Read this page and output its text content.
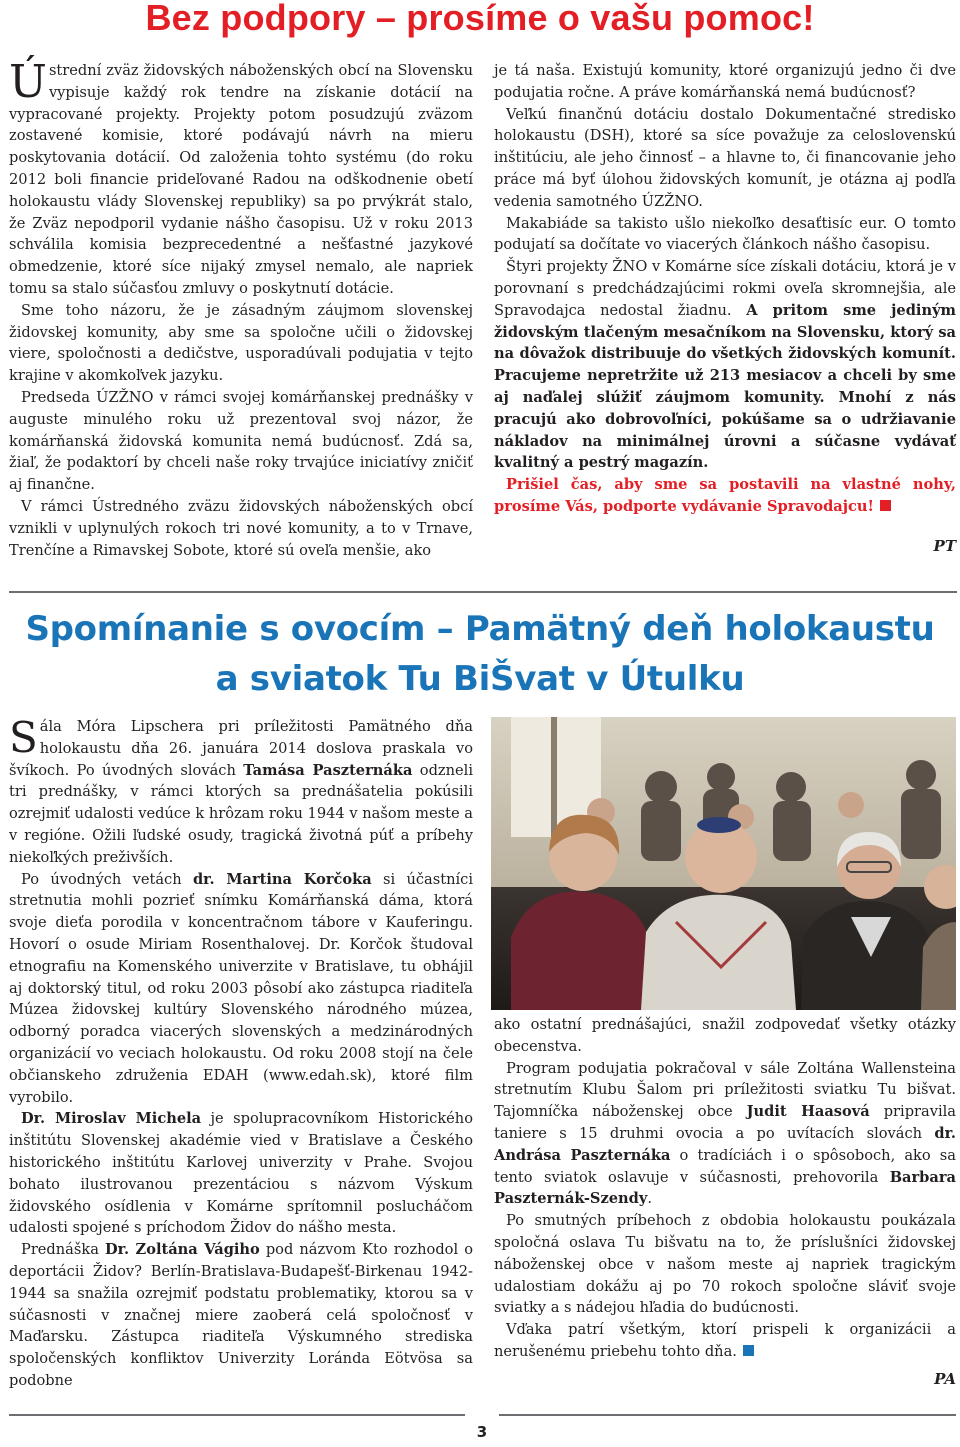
Bez podpory – prosíme o vašu pomoc!

Ústrední zväz židovských náboženských obcí na Slovensku vypisuje každý rok tendre na získanie dotácií na vypracované projekty. Projekty potom posudzujú zväzom zostavené komisie, ktoré podávajú návrh na mieru poskytovania dotácií. Od založenia tohto systému (do roku 2012 boli financie prideľované Radou na odškodnenie obetí holokaustu vlády Slovenskej republiky) sa po prvýkrát stalo, že Zväz nepodporil vydanie nášho časopisu. Už v roku 2013 schválila komisia bezprecedentné a nešťastné jazykové obmedzenie, ktoré síce nijaký zmysel nemalo, ale napriek tomu sa stalo súčasťou zmluvy o poskytnutí dotácie.

Sme toho názoru, že je zásadným záujmom slovenskej židovskej komunity, aby sme sa spoločne učili o židovskej viere, spoločnosti a dedičstve, usporadúvali podujatia v tejto krajine v akomkoľvek jazyku.

Predseda ÚZŽNO v rámci svojej komárňanskej prednášky v auguste minulého roku už prezentoval svoj názor, že komárňanská židovská komunita nemá budúcnosť. Zdá sa, žiaľ, že podaktorí by chceli naše roky trvajúce iniciatívy zničiť aj finančne.

V rámci Ústredného zväzu židovských náboženských obcí vznikli v uplynulých rokoch tri nové komunity, a to v Trnave, Trenčíne a Rimavskej Sobote, ktoré sú oveľa menšie, ako

je tá naša. Existujú komunity, ktoré organizujú jedno či dve podujatia ročne. A práve komárňanská nemá budúcnosť?

Veľkú finančnú dotáciu dostalo Dokumentačné stredisko holokaustu (DSH), ktoré sa síce považuje za celoslovenskú inštitúciu, ale jeho činnosť – a hlavne to, či financovanie jeho práce má byť úlohou židovských komunít, je otázna aj podľa vedenia samotného ÚZŽNO.

Makabiáde sa takisto ušlo niekoľko desaťtisíc eur. O tomto podujatí sa dočítate vo viacerých článkoch nášho časopisu.

Štyri projekty ŽNO v Komárne síce získali dotáciu, ktorá je v porovnaní s predchádzajúcimi rokmi oveľa skromnejšia, ale Spravodajca nedostal žiadnu. A pritom sme jediným židovským tlačeným mesačníkom na Slovensku, ktorý sa na dôvažok distribuuje do všetkých židovských komunít. Pracujeme nepretržite už 213 mesiacov a chceli by sme aj naďalej slúžiť záujmom komunity. Mnohí z nás pracujú ako dobrovoľníci, pokúšame sa o udržiavanie nákladov na minimálnej úrovni a súčasne vydávať kvalitný a pestrý magazín.

Prišiel čas, aby sme sa postavili na vlastné nohy, prosíme Vás, podporte vydávanie Spravodajcu!

PT
Spomínanie s ovocím – Pamätný deň holokaustu
a sviatok Tu BiŠvat v Útulku

Sála Móra Lipschera pri príležitosti Pamätného dňa holokaustu dňa 26. januára 2014 doslova praskala vo švíkoch. Po úvodných slovách Tamása Paszternáka odzneli tri prednášky, v rámci ktorých sa prednášatelia pokúsili ozrejmiť udalosti vedúce k hrôzam roku 1944 v našom meste a v regióne. Ožili ľudské osudy, tragická životná púť a príbehy niekoľkých preživších.

Po úvodných vetách dr. Martina Korčoka si účastníci stretnutia mohli pozrieť snímku Komárňanská dáma, ktorá svoje dieťa porodila v koncentračnom tábore v Kauferingu. Hovorí o osude Miriam Rosenthalovej. Dr. Korčok študoval etnografiu na Komenského univerzite v Bratislave, tu obhájil aj doktorský titul, od roku 2003 pôsobí ako zástupca riaditeľa Múzea židovskej kultúry Slovenského národného múzea, odborný poradca viacerých slovenských a medzinárodných organizácií vo veciach holokaustu. Od roku 2008 stojí na čele občianskeho združenia EDAH (www.edah.sk), ktoré film vyrobilo.

Dr. Miroslav Michela je spolupracovníkom Historického inštitútu Slovenskej akadémie vied v Bratislave a Českého historického inštitútu Karlovej univerzity v Prahe. Svojou bohato ilustrovanou prezentáciou s názvom Výskum židovského osídlenia v Komárne sprítomnil poslucháčom udalosti spojené s príchodom Židov do nášho mesta.

Prednáška Dr. Zoltána Vágiho pod názvom Kto rozhodol o deportácii Židov? Berlín-Bratislava-Budapešť-Birkenau 1942-1944 sa snažila ozrejmiť podstatu problematiky, ktorou sa v súčasnosti v značnej miere zaoberá celá spoločnosť v Maďarsku. Zástupca riaditeľa Výskumného strediska spoločenských konfliktov Univerzity Loránda Eötvösa sa podobne

ako ostatní prednášajúci, snažil zodpovedať všetky otázky obecenstva.

Program podujatia pokračoval v sále Zoltána Wallensteina stretnutím Klubu Šalom pri príležitosti sviatku Tu bišvat. Tajomníčka náboženskej obce Judit Haasová pripravila taniere s 15 druhmi ovocia a po uvítacích slovách dr. Andrása Paszternáka o tradíciách i o spôsoboch, ako sa tento sviatok oslavuje v súčasnosti, prehovorila Barbara Paszternák-Szendy.

Po smutných príbehoch z obdobia holokaustu poukázala spoločná oslava Tu bišvatu na to, že príslušníci židovskej náboženskej obce v našom meste aj napriek tragickým udalostiam dokážu aj po 70 rokoch spoločne sláviť svoje sviatky a s nádejou hľadia do budúcnosti.

Vďaka patrí všetkým, ktorí prispeli k organizácii a nerušenému priebehu tohto dňa.

PA
3
